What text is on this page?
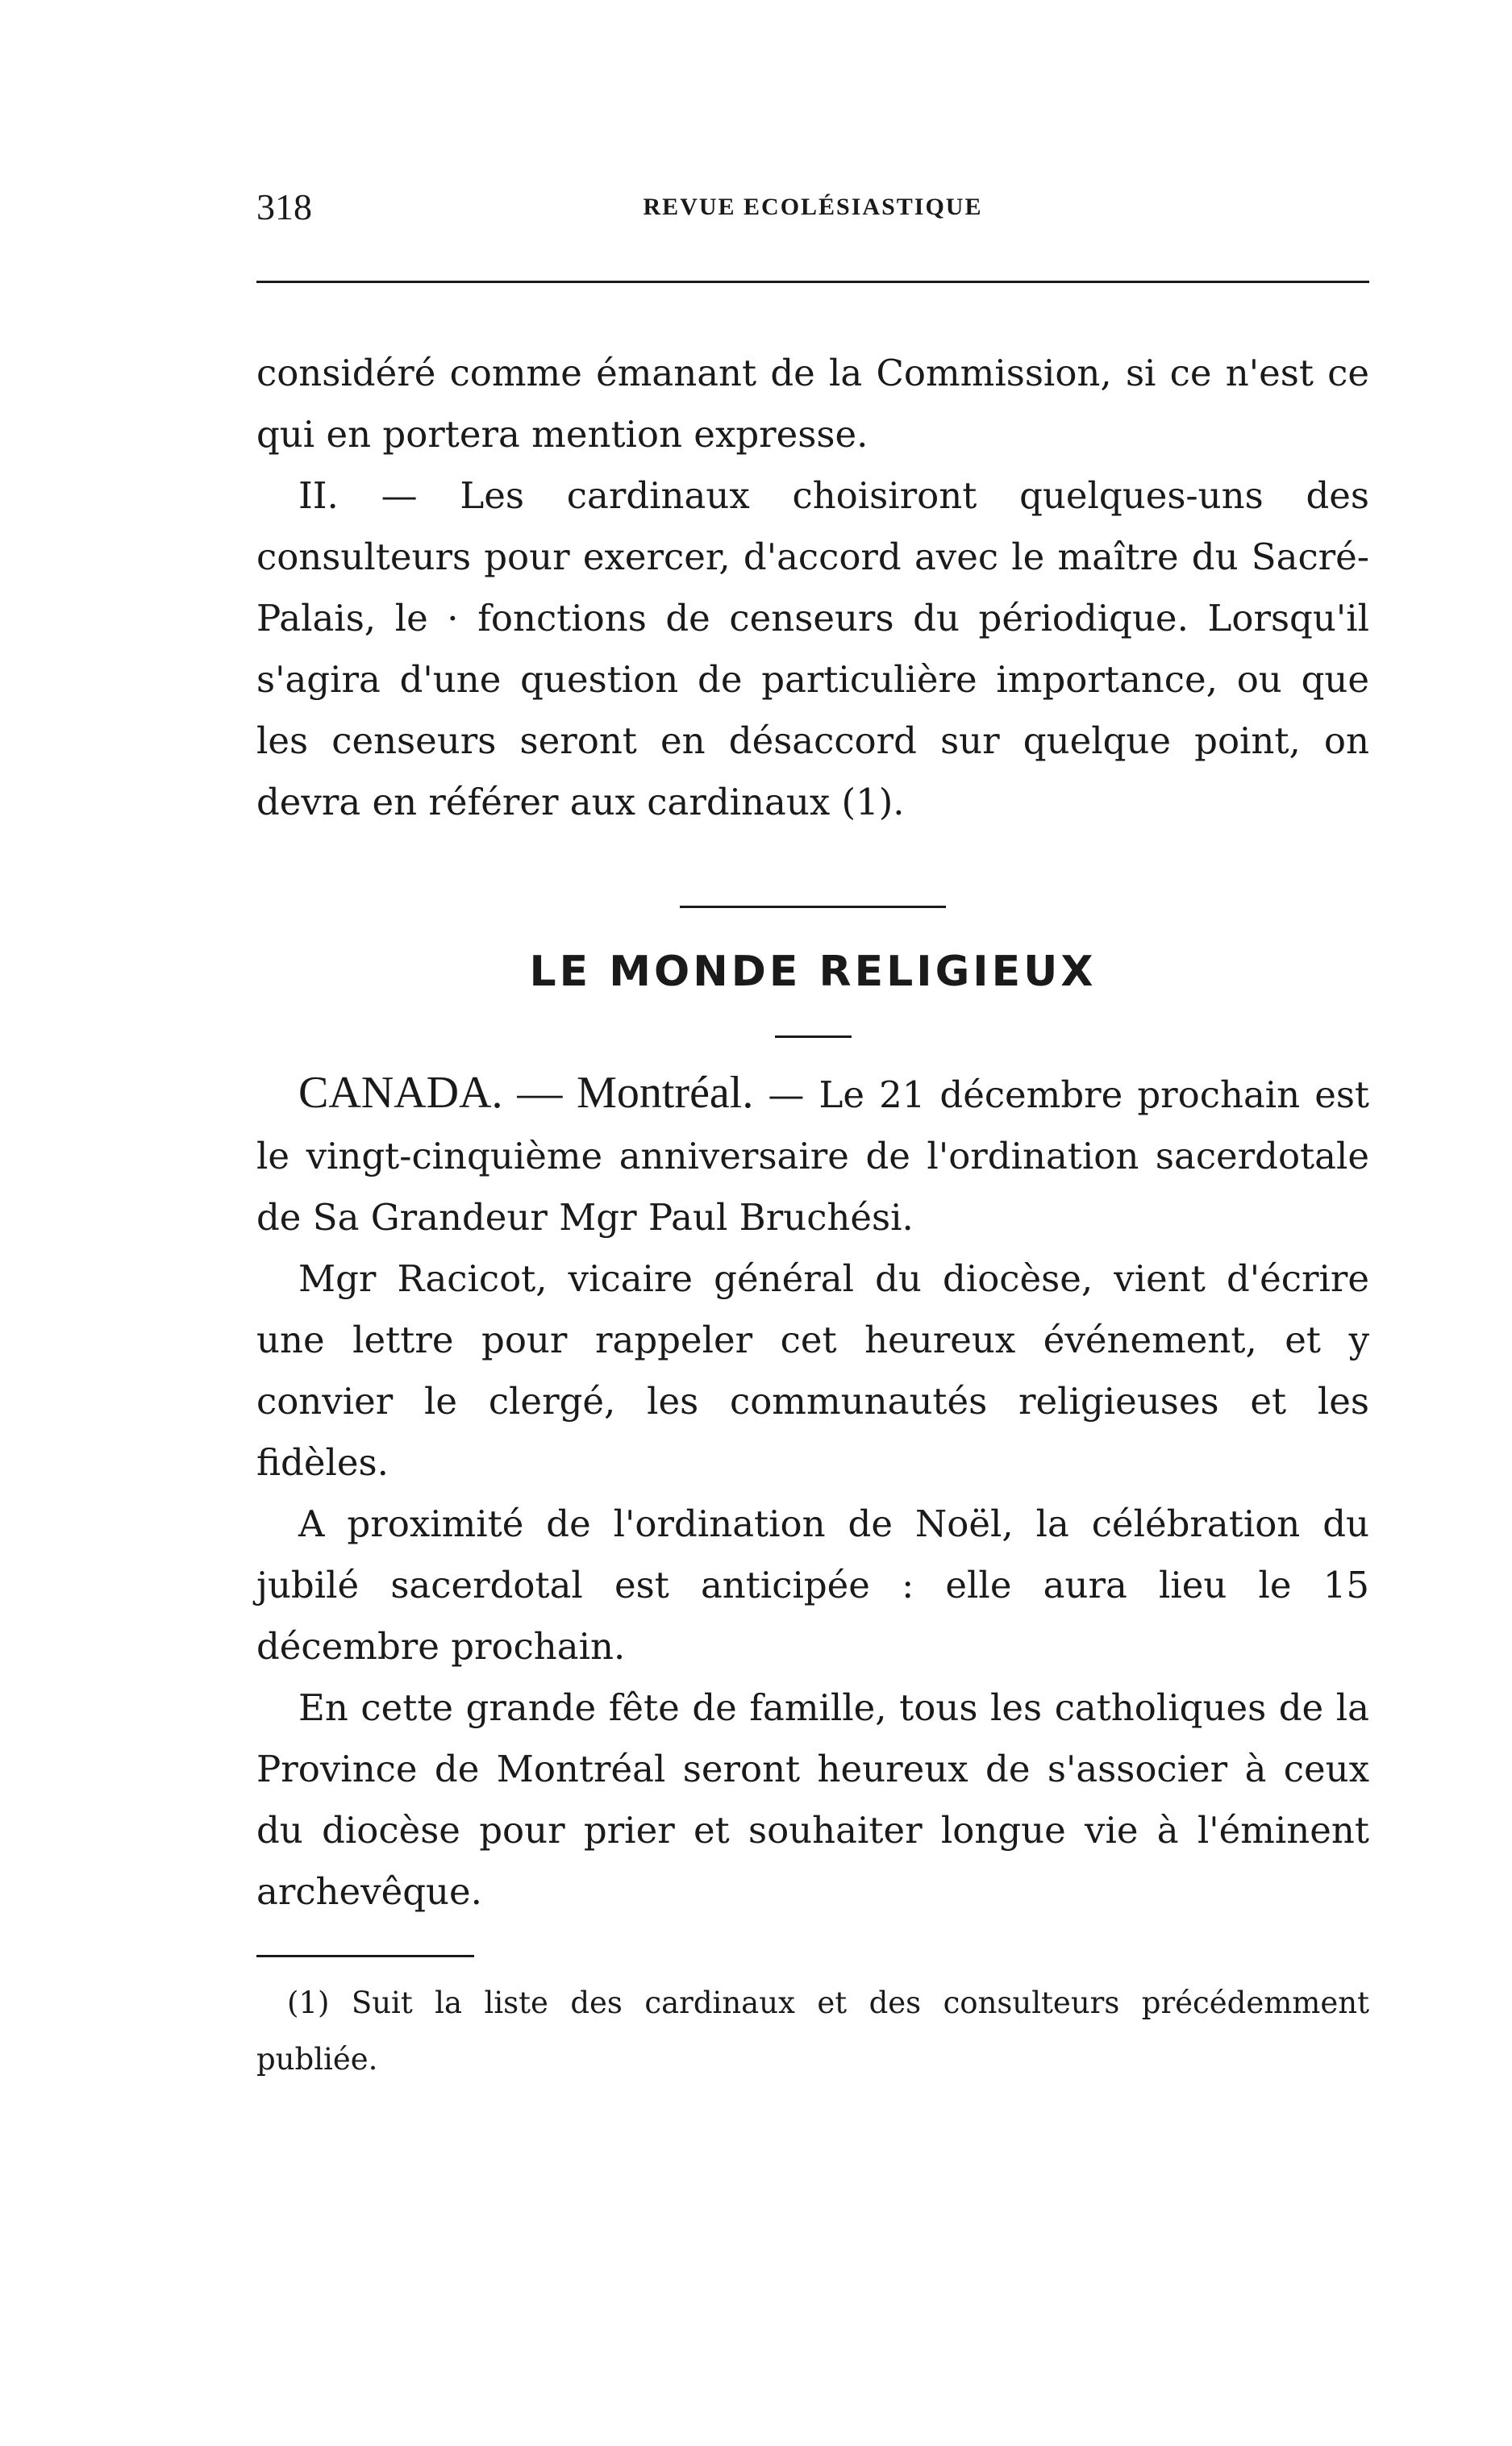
318	REVUE ECOLÉSIASTIQUE

considéré comme émanant de la Commission, si ce n'est ce qui en portera mention expresse.

II. — Les cardinaux choisiront quelques-uns des consulteurs pour exercer, d'accord avec le maître du Sacré-Palais, le · fonctions de censeurs du périodique. Lorsqu'il s'agira d'une question de particulière importance, ou que les censeurs seront en désaccord sur quelque point, on devra en référer aux cardinaux (1).

LE MONDE RELIGIEUX

CANADA. — Montréal. — Le 21 décembre prochain est le vingt-cinquième anniversaire de l'ordination sacerdotale de Sa Grandeur Mgr Paul Bruchési.

Mgr Racicot, vicaire général du diocèse, vient d'écrire une lettre pour rappeler cet heureux événement, et y convier le clergé, les communautés religieuses et les fidèles.

A proximité de l'ordination de Noël, la célébration du jubilé sacerdotal est anticipée : elle aura lieu le 15 décembre prochain.

En cette grande fête de famille, tous les catholiques de la Province de Montréal seront heureux de s'associer à ceux du diocèse pour prier et souhaiter longue vie à l'éminent archevêque.

(1) Suit la liste des cardinaux et des consulteurs précédemment publiée.
